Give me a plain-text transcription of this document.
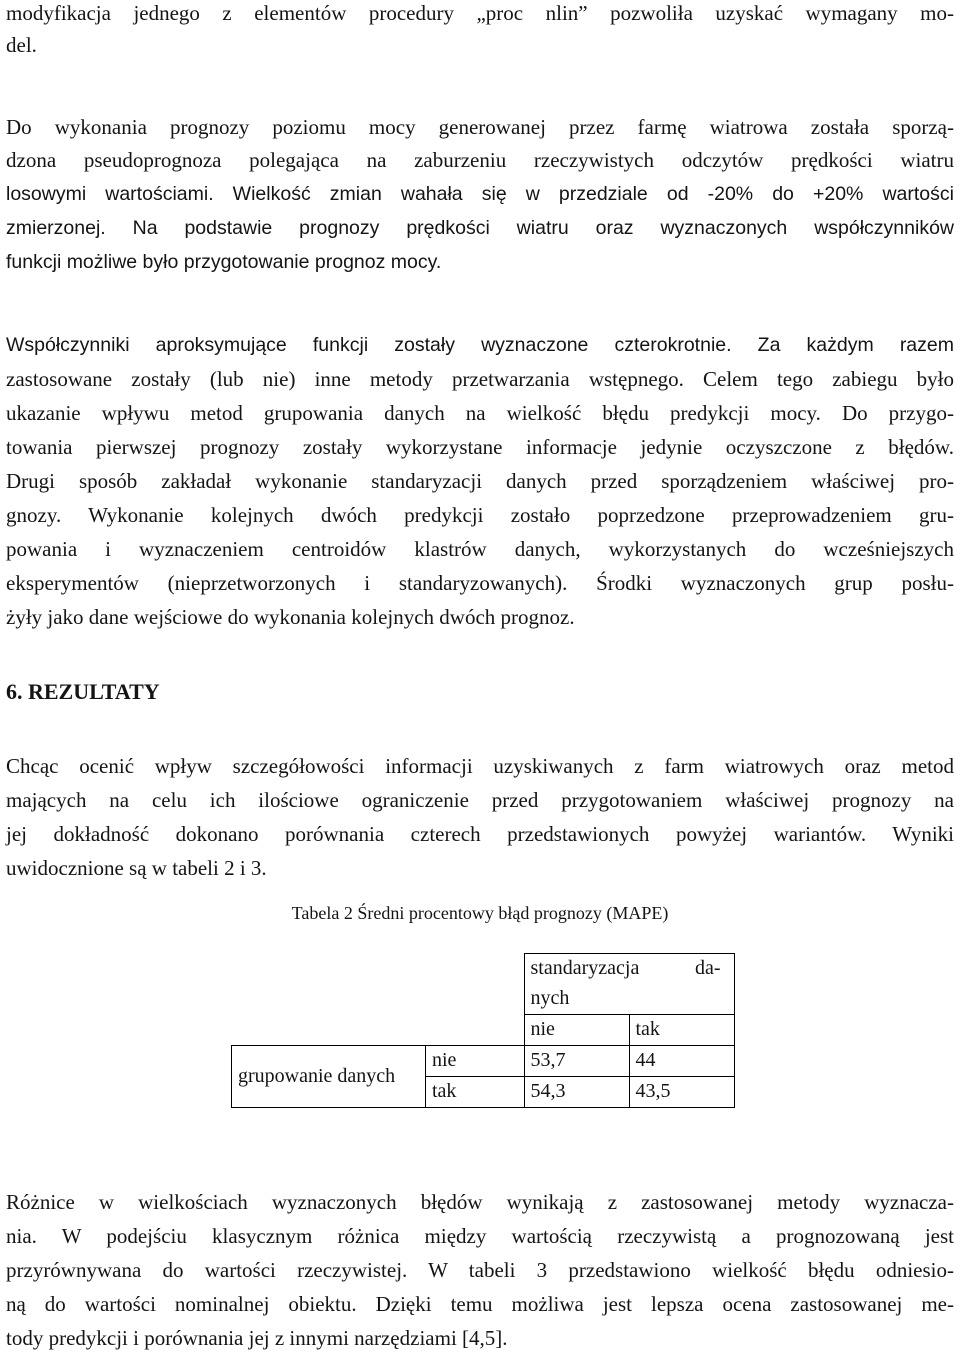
modyfikacja jednego z elementów procedury „proc nlin” pozwoliła uzyskać wymagany mo-
del.
Do wykonania prognozy poziomu mocy generowanej przez farmę wiatrowa została sporzą-
dzona pseudoprognoza polegająca na zaburzeniu rzeczywistych odczytów prędkości wiatru
losowymi wartościami. Wielkość zmian wahała się w przedziale od -20% do +20% wartości
zmierzonej. Na podstawie prognozy prędkości wiatru oraz wyznaczonych współczynników
funkcji możliwe było przygotowanie prognoz mocy.
Współczynniki aproksymujące funkcji zostały wyznaczone czterokrotnie. Za każdym razem
zastosowane zostały (lub nie) inne metody przetwarzania wstępnego. Celem tego zabiegu było
ukazanie wpływu metod grupowania danych na wielkość błędu predykcji mocy. Do przygo-
towania pierwszej prognozy zostały wykorzystane informacje jedynie oczyszczone z błędów.
Drugi sposób zakładał wykonanie standaryzacji danych przed sporządzeniem właściwej pro-
gnozy. Wykonanie kolejnych dwóch predykcji zostało poprzedzone przeprowadzeniem gru-
powania i wyznaczeniem centroidów klastrów danych, wykorzystanych do wcześniejszych
eksperymentów (nieprzetworzonych i standaryzowanych). Środki wyznaczonych grup posłu-
żyły jako dane wejściowe do wykonania kolejnych dwóch prognoz.
6. REZULTATY
Chcąc ocenić wpływ szczegółowości informacji uzyskiwanych z farm wiatrowych oraz metod
mających na celu ich ilościowe ograniczenie przed przygotowaniem właściwej prognozy na
jej dokładność dokonano porównania czterech przedstawionych powyżej wariantów. Wyniki
uwidocznione są w tabeli 2 i 3.
Tabela 2 Średni procentowy błąd prognozy (MAPE)

		standaryzacja da-
nych	

		nie	tak
grupowanie danych	nie	53,7	44
	tak	54,3	43,5
Różnice w wielkościach wyznaczonych błędów wynikają z zastosowanej metody wyznacza-
nia. W podejściu klasycznym różnica między wartością rzeczywistą a prognozowaną jest
przyrównywana do wartości rzeczywistej. W tabeli 3 przedstawiono wielkość błędu odniesio-
ną do wartości nominalnej obiektu. Dzięki temu możliwa jest lepsza ocena zastosowanej me-
tody predykcji i porównania jej z innymi narzędziami [4,5].
